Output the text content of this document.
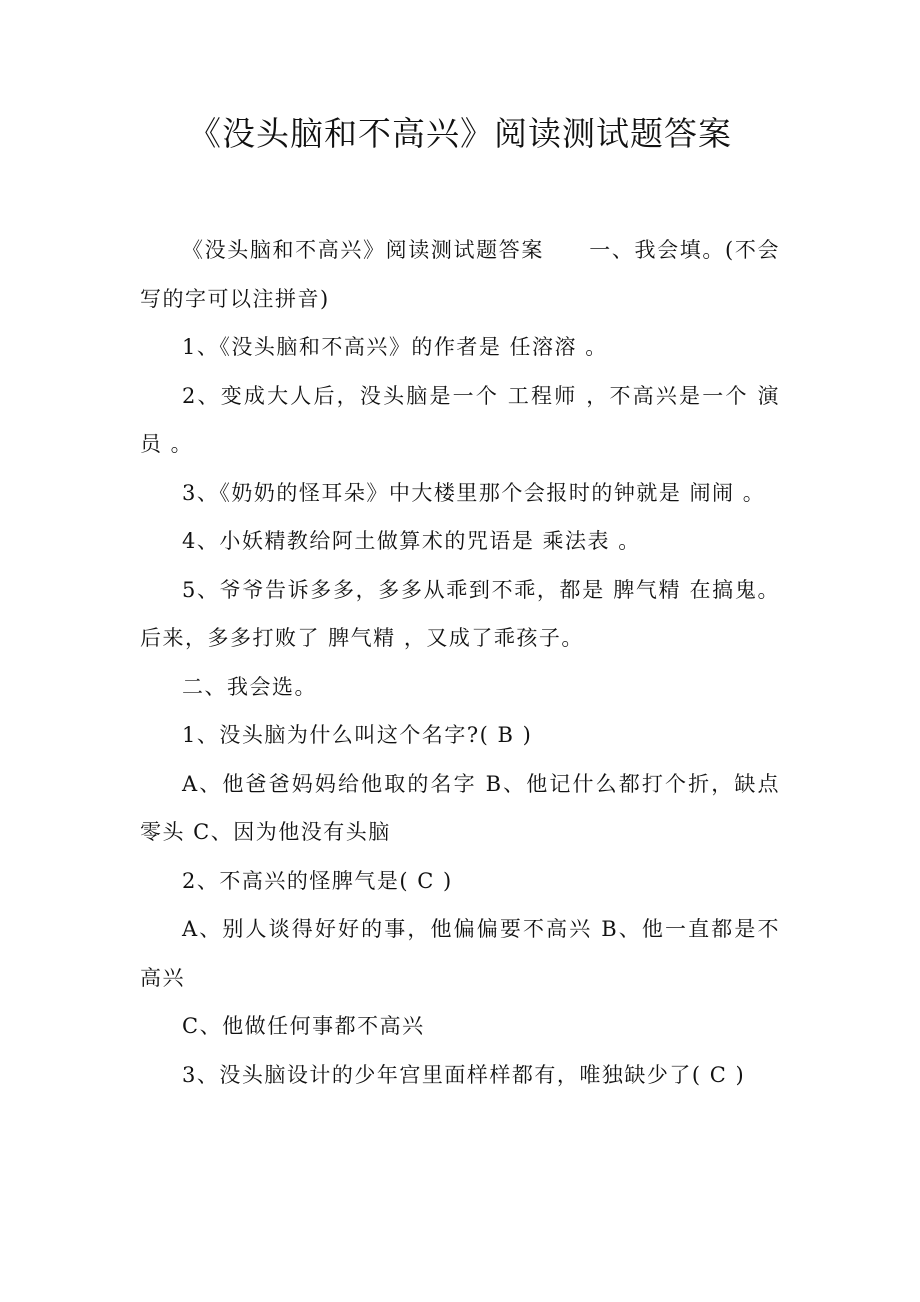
《没头脑和不高兴》阅读测试题答案

《没头脑和不高兴》阅读测试题答案　　一、我会填。(不会写的字可以注拼音)

1、《没头脑和不高兴》的作者是 任溶溶 。

2、变成大人后，没头脑是一个 工程师 ，不高兴是一个 演员 。

3、《奶奶的怪耳朵》中大楼里那个会报时的钟就是 闹闹 。

4、小妖精教给阿土做算术的咒语是 乘法表 。

5、爷爷告诉多多，多多从乖到不乖，都是 脾气精 在搞鬼。后来，多多打败了 脾气精 ，又成了乖孩子。

二、我会选。

1、没头脑为什么叫这个名字?( B )

A、他爸爸妈妈给他取的名字 B、他记什么都打个折，缺点零头 C、因为他没有头脑

2、不高兴的怪脾气是( C )

A、别人谈得好好的事，他偏偏要不高兴 B、他一直都是不高兴

C、他做任何事都不高兴

3、没头脑设计的少年宫里面样样都有，唯独缺少了( C )
